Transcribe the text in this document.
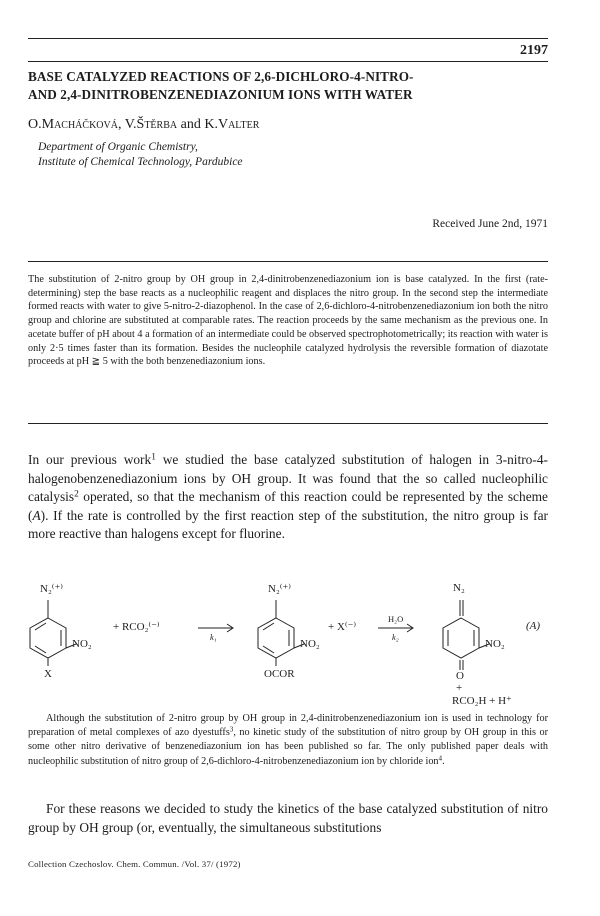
2197
BASE CATALYZED REACTIONS OF 2,6-DICHLORO-4-NITRO-
AND 2,4-DINITROBENZENEDIAZONIUM IONS WITH WATER
O.Macháčková, V.Štěrba and K.Valter
Department of Organic Chemistry,
Institute of Chemical Technology, Pardubice
Received June 2nd, 1971

The substitution of 2-nitro group by OH group in 2,4-dinitrobenzenediazonium ion is base catalyzed. In the first (rate-determining) step the base reacts as a nucleophilic reagent and displaces the nitro group. In the second step the intermediate formed reacts with water to give 5-nitro-2-diazophenol. In the case of 2,6-dichloro-4-nitrobenzenediazonium ion both the nitro group and chlorine are substituted at comparable rates. The reaction proceeds by the same mechanism as the previous one. In acetate buffer of pH about 4 a formation of an intermediate could be observed spectrophotometrically; its reaction with water is only 2·5 times faster than its formation. Besides the nucleophile catalyzed hydrolysis the reversible formation of diazotate proceeds at pH ≧ 5 with the both benzenediazonium ions.

In our previous work$^1$ we studied the base catalyzed substitution of halogen in 3-nitro-4-halogenobenzenediazonium ions by OH group. It was found that the so called nucleophilic catalysis$^2$ operated, so that the mechanism of this reaction could be represented by the scheme (A). If the rate is controlled by the first reaction step of the substitution, the nitro group is far more reactive than halogens except for fluorine.

N₂⁽⁺⁾
NO₂
X
+ RCO₂⁽⁻⁾
k₁
N₂⁽⁺⁾
NO₂
OCOR
+ X⁽⁻⁾
H₂O
k₂
N₂
NO₂
O
+
RCO₂H + H⁺
(A)

Although the substitution of 2-nitro group by OH group in 2,4-dinitrobenzenediazonium ion is used in technology for preparation of metal complexes of azo dyestuffs$^3$, no kinetic study of the substitution of nitro group by OH group in this or some other nitro derivative of benzenediazonium ion has been published so far. The only published paper deals with nucleophilic substitution of nitro group of 2,6-dichloro-4-nitrobenzenediazonium ion by chloride ion$^4$.

For these reasons we decided to study the kinetics of the base catalyzed substitution of nitro group by OH group (or, eventually, the simultaneous substitutions

Collection Czechoslov. Chem. Commun. /Vol. 37/ (1972)
